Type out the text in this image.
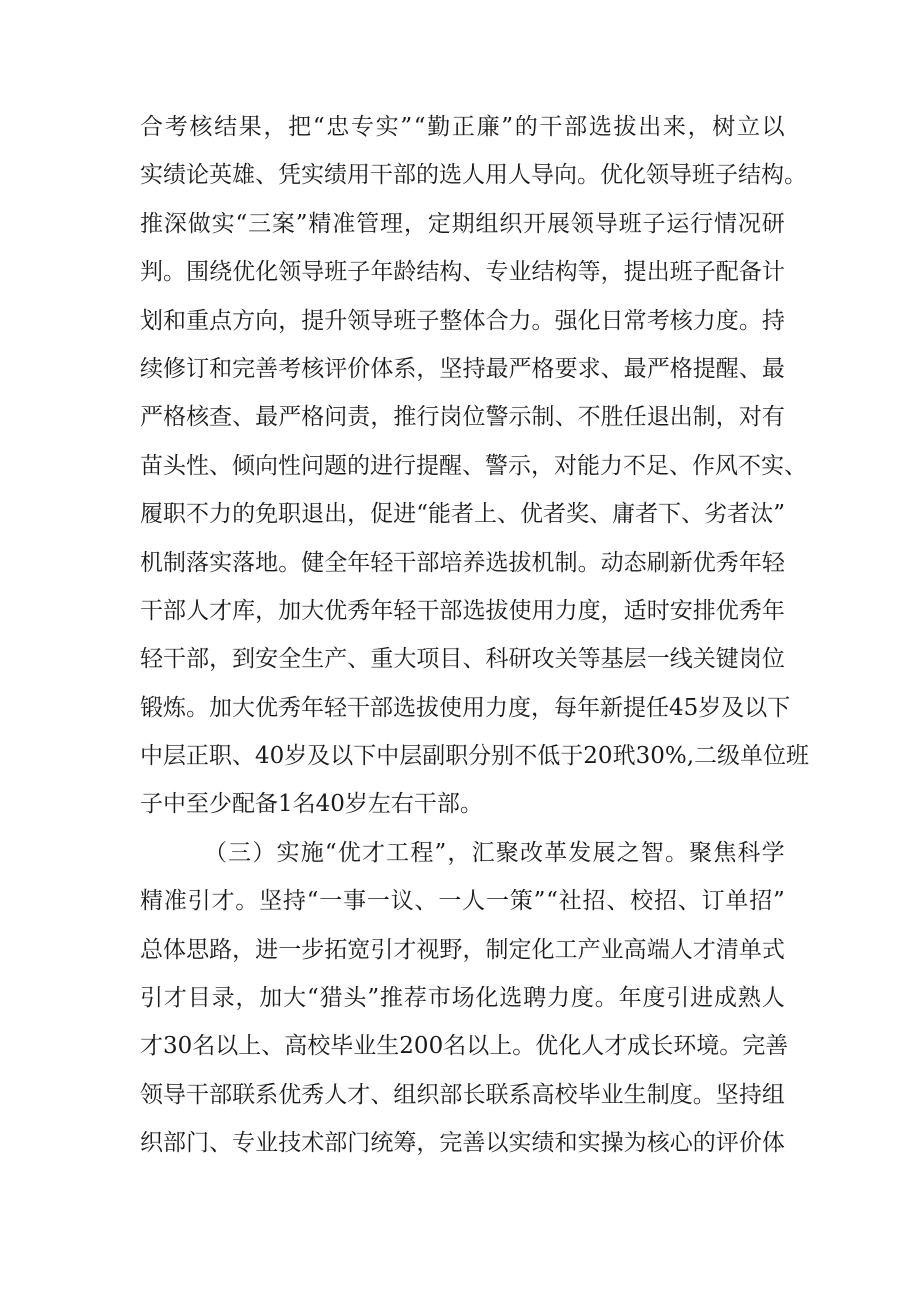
合 考 核 结 果 ， 把 “ 忠 专 实 ” “ 勤 正 廉 ” 的 干 部 选 拔 出 来 ， 树 立 以
实 绩 论 英 雄 、 凭 实 绩 用 干 部 的 选 人 用 人 导 向 。 优 化 领 导 班 子 结 构 。
推 深 做 实 “ 三 案 ” 精 准 管 理 ， 定 期 组 织 开 展 领 导 班 子 运 行 情 况 研
判 。 围 绕 优 化 领 导 班 子 年 龄 结 构 、 专 业 结 构 等 ， 提 出 班 子 配 备 计
划 和 重 点 方 向 ， 提 升 领 导 班 子 整 体 合 力 。 强 化 日 常 考 核 力 度 。 持
续 修 订 和 完 善 考 核 评 价 体 系 ， 坚 持 最 严 格 要 求 、 最 严 格 提 醒 、 最
严 格 核 查 、 最 严 格 问 责 ， 推 行 岗 位 警 示 制 、 不 胜 任 退 出 制 ， 对 有
苗 头 性 、 倾 向 性 问 题 的 进 行 提 醒 、 警 示 ， 对 能 力 不 足 、 作 风 不 实 、
履 职 不 力 的 免 职 退 出 ， 促 进 “ 能 者 上 、 优 者 奖 、 庸 者 下 、 劣 者 汰 ”
机 制 落 实 落 地 。 健 全 年 轻 干 部 培 养 选 拔 机 制 。 动 态 刷 新 优 秀 年 轻
干 部 人 才 库 ， 加 大 优 秀 年 轻 干 部 选 拔 使 用 力 度 ， 适 时 安 排 优 秀 年
轻 干 部 ， 到 安 全 生 产 、 重 大 项 目 、 科 研 攻 关 等 基 层 一 线 关 键 岗 位
锻 炼 。 加 大 优 秀 年 轻 干 部 选 拔 使 用 力 度 ， 每 年 新 提 任 4 5 岁 及 以 下
中 层 正 职 、 4 0 岁 及 以 下 中 层 副 职 分 别 不 低 于 2 0 玳 3 0 % , 二 级 单 位 班
子中至少配备1名40岁左右干部。
（ 三 ） 实 施 “ 优 才 工 程 ” ， 汇 聚 改 革 发 展 之 智 。 聚 焦 科 学
精 准 引 才 。 坚 持 “ 一 事 一 议 、 一 人 一 策 ” “ 社 招 、 校 招 、 订 单 招 ”
总 体 思 路 ， 进 一 步 拓 宽 引 才 视 野 ， 制 定 化 工 产 业 高 端 人 才 清 单 式
引 才 目 录 ， 加 大 “ 猎 头 ” 推 荐 市 场 化 选 聘 力 度 。 年 度 引 进 成 熟 人
才 3 0 名 以 上 、 高 校 毕 业 生 2 0 0 名 以 上 。 优 化 人 才 成 长 环 境 。 完 善
领 导 干 部 联 系 优 秀 人 才 、 组 织 部 长 联 系 高 校 毕 业 生 制 度 。 坚 持 组
织 部 门 、 专 业 技 术 部 门 统 筹 ， 完 善 以 实 绩 和 实 操 为 核 心 的 评 价 体
